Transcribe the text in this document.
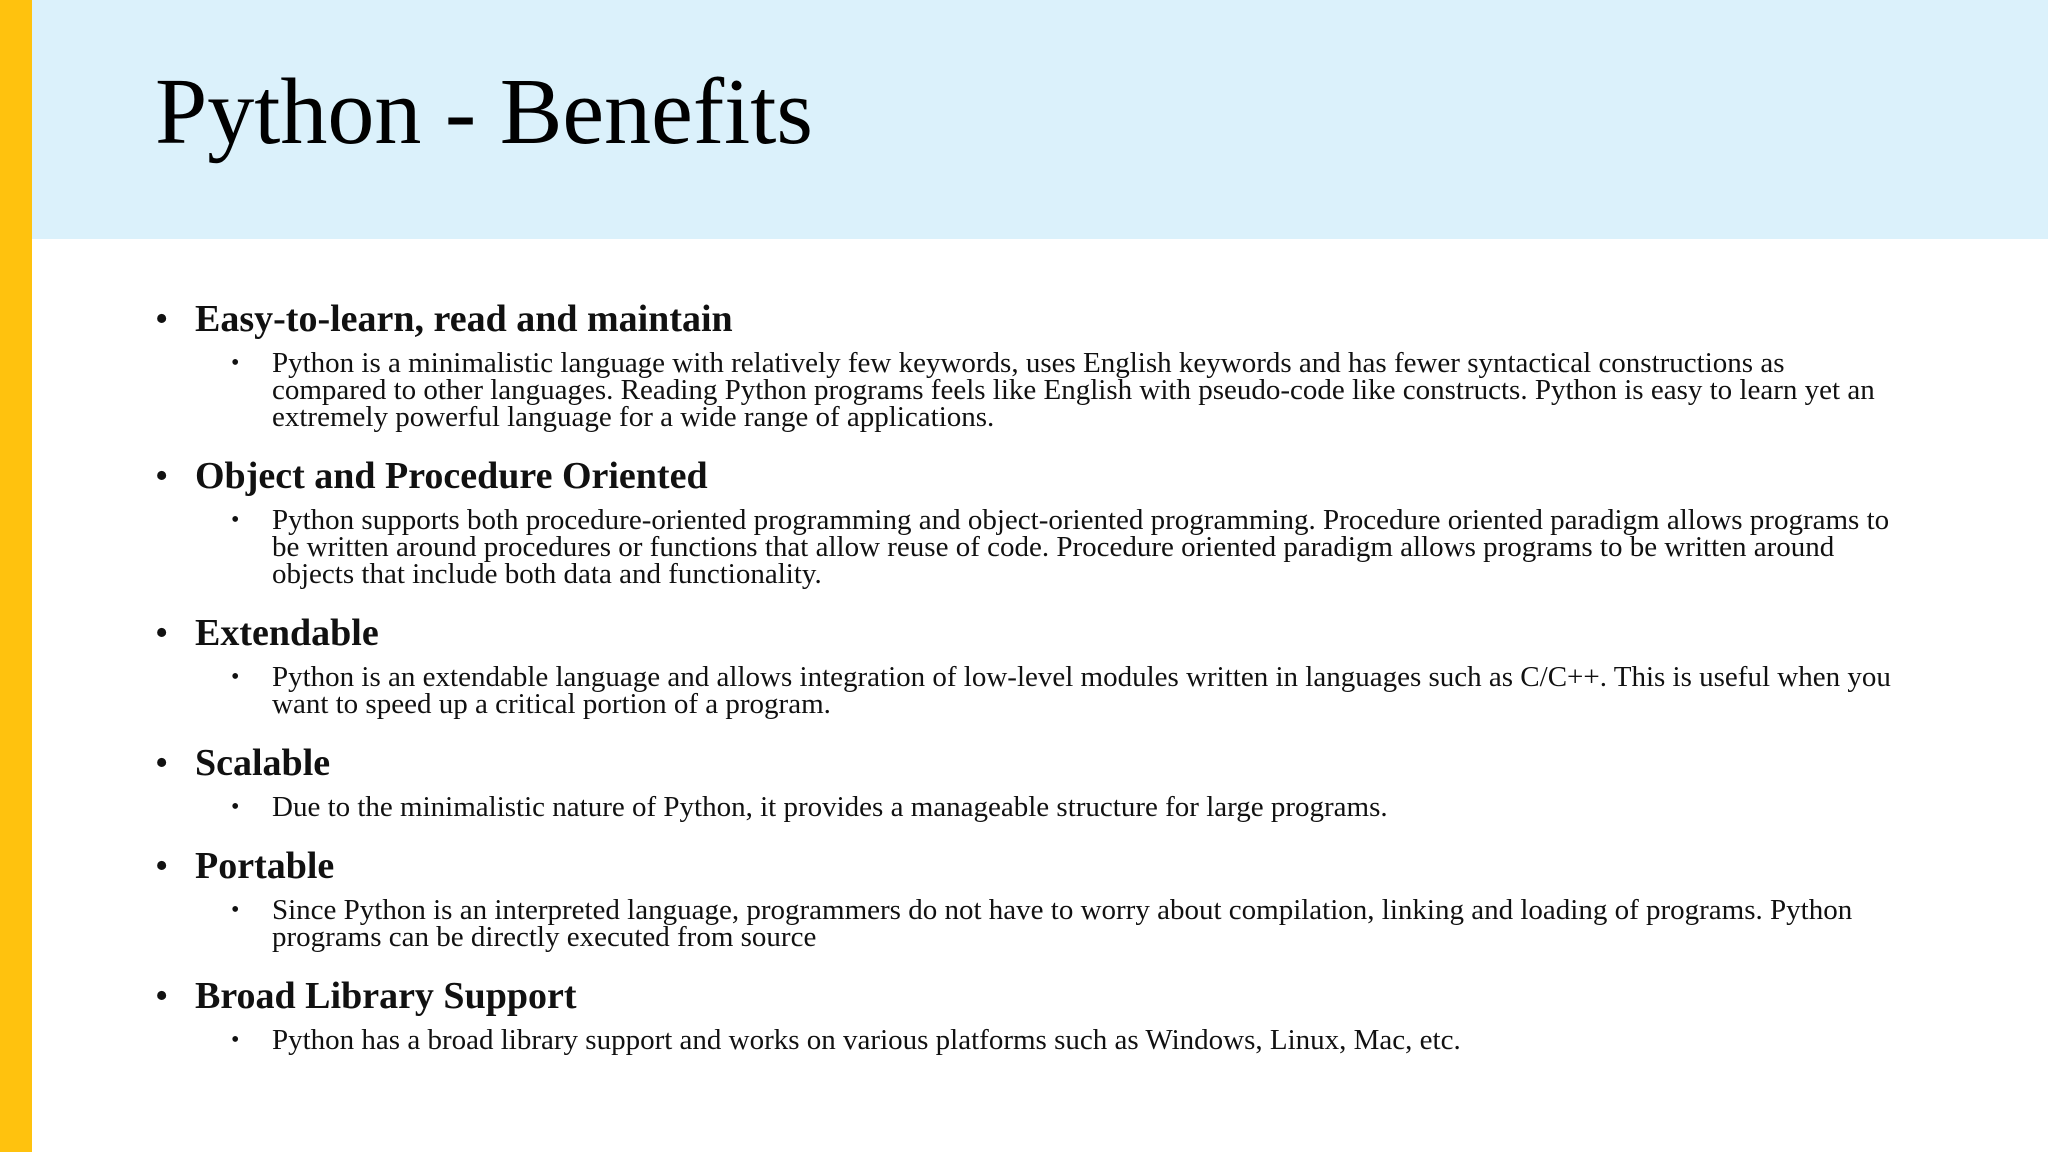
Python - Benefits
• Easy-to-learn, read and maintain
• Python is a minimalistic language with relatively few keywords, uses English keywords and has fewer syntactical constructions as compared to other languages. Reading Python programs feels like English with pseudo-code like constructs. Python is easy to learn yet an extremely powerful language for a wide range of applications.
• Object and Procedure Oriented
• Python supports both procedure-oriented programming and object-oriented programming. Procedure oriented paradigm allows programs to be written around procedures or functions that allow reuse of code. Procedure oriented paradigm allows programs to be written around objects that include both data and functionality.
• Extendable
• Python is an extendable language and allows integration of low-level modules written in languages such as C/C++. This is useful when you want to speed up a critical portion of a program.
• Scalable
• Due to the minimalistic nature of Python, it provides a manageable structure for large programs.
• Portable
• Since Python is an interpreted language, programmers do not have to worry about compilation, linking and loading of programs. Python programs can be directly executed from source
• Broad Library Support
• Python has a broad library support and works on various platforms such as Windows, Linux, Mac, etc.
